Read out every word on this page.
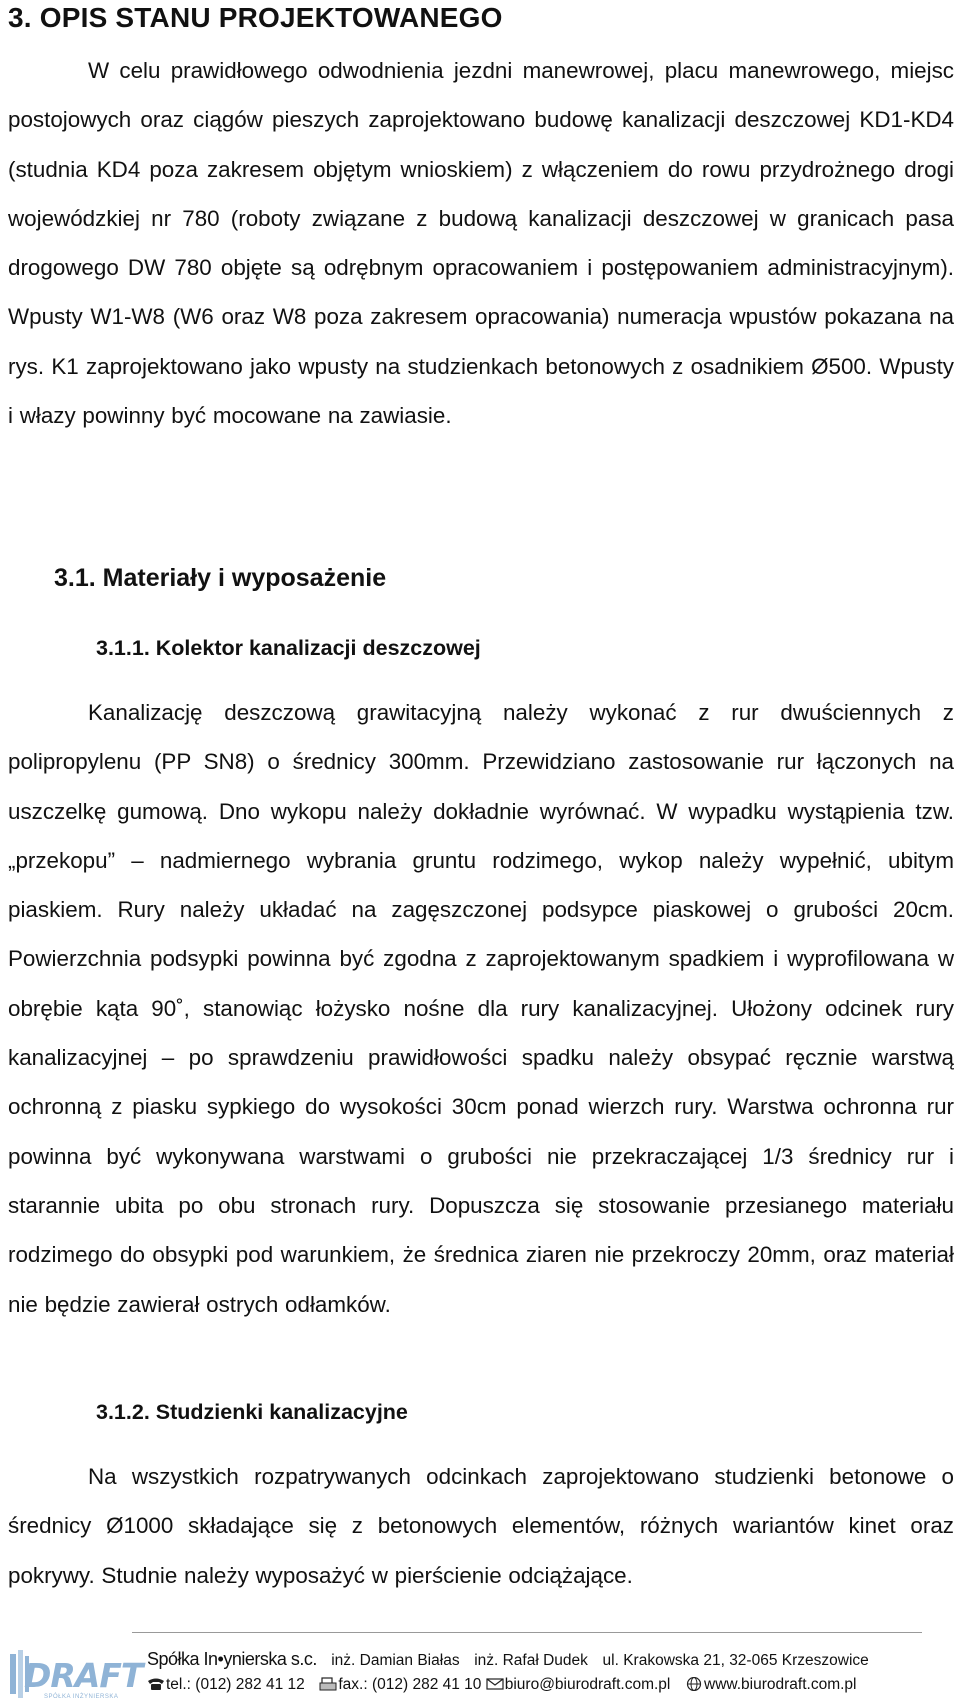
3. OPIS STANU PROJEKTOWANEGO

W celu prawidłowego odwodnienia jezdni manewrowej, placu manewrowego, miejsc postojowych oraz ciągów pieszych zaprojektowano budowę kanalizacji deszczowej KD1-KD4 (studnia KD4 poza zakresem objętym wnioskiem) z włączeniem do rowu przydrożnego drogi wojewódzkiej nr 780 (roboty związane z budową kanalizacji deszczowej w granicach pasa drogowego DW 780 objęte są odrębnym opracowaniem i postępowaniem administracyjnym). Wpusty W1-W8 (W6 oraz W8 poza zakresem opracowania) numeracja wpustów pokazana na rys. K1 zaprojektowano jako wpusty na studzienkach betonowych z osadnikiem Ø500. Wpusty i włazy powinny być mocowane na zawiasie.

3.1. Materiały i wyposażenie
3.1.1. Kolektor kanalizacji deszczowej

Kanalizację deszczową grawitacyjną należy wykonać z rur dwuściennych z polipropylenu (PP SN8) o średnicy 300mm. Przewidziano zastosowanie rur łączonych na uszczelkę gumową. Dno wykopu należy dokładnie wyrównać. W wypadku wystąpienia tzw. „przekopu” – nadmiernego wybrania gruntu rodzimego, wykop należy wypełnić, ubitym piaskiem. Rury należy układać na zagęszczonej podsypce piaskowej o grubości 20cm. Powierzchnia podsypki powinna być zgodna z zaprojektowanym spadkiem i wyprofilowana w obrębie kąta 90˚, stanowiąc łożysko nośne dla rury kanalizacyjnej. Ułożony odcinek rury kanalizacyjnej – po sprawdzeniu prawidłowości spadku należy obsypać ręcznie warstwą ochronną z piasku sypkiego do wysokości 30cm ponad wierzch rury. Warstwa ochronna rur powinna być wykonywana warstwami o grubości nie przekraczającej 1/3 średnicy rur i starannie ubita po obu stronach rury. Dopuszcza się stosowanie przesianego materiału rodzimego do obsypki pod warunkiem, że średnica ziaren nie przekroczy 20mm, oraz materiał nie będzie zawierał ostrych odłamków.

3.1.2. Studzienki kanalizacyjne

Na wszystkich rozpatrywanych odcinkach zaprojektowano studzienki betonowe o średnicy Ø1000 składające się z betonowych elementów, różnych wariantów kinet oraz pokrywy. Studnie należy wyposażyć w pierścienie odciążające.

DRAFT
SPÓŁKA INŻYNIERSKA
Spółka In•ynierska s.c. inż. Damian Białas inż. Rafał Dudek ul. Krakowska 21, 32-065 Krzeszowice
tel.: (012) 282 41 12 fax.: (012) 282 41 10 biuro@biurodraft.com.pl www.biurodraft.com.pl
